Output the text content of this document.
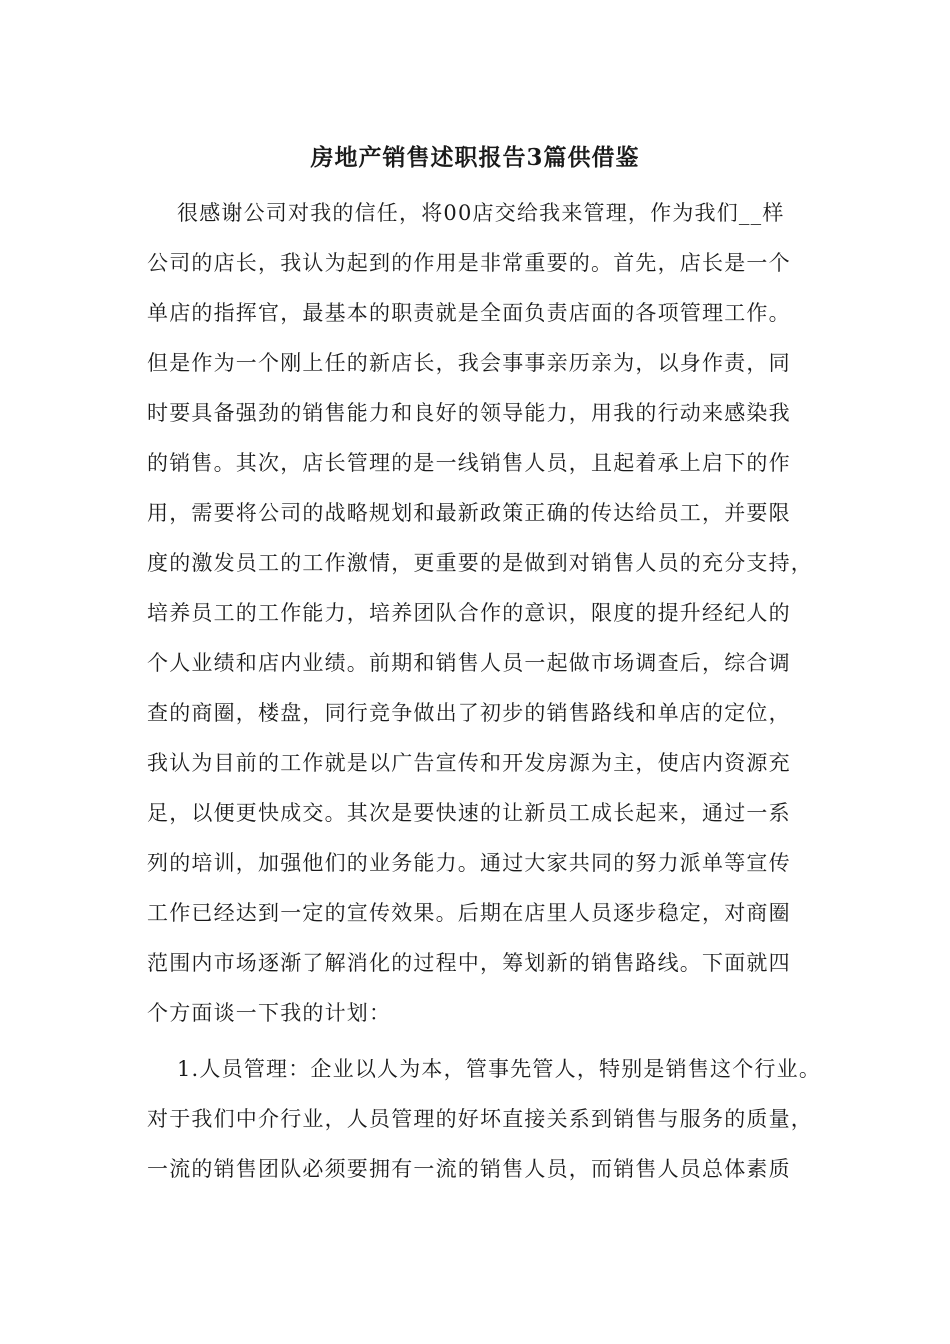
房地产销售述职报告3篇供借鉴
很感谢公司对我的信任，将00店交给我来管理，作为我们__样
公司的店长，我认为起到的作用是非常重要的。首先，店长是一个
单店的指挥官，最基本的职责就是全面负责店面的各项管理工作。
但是作为一个刚上任的新店长，我会事事亲历亲为，以身作责，同
时要具备强劲的销售能力和良好的领导能力，用我的行动来感染我
的销售。其次，店长管理的是一线销售人员，且起着承上启下的作
用，需要将公司的战略规划和最新政策正确的传达给员工，并要限
度的激发员工的工作激情，更重要的是做到对销售人员的充分支持，
培养员工的工作能力，培养团队合作的意识，限度的提升经纪人的
个人业绩和店内业绩。前期和销售人员一起做市场调查后，综合调
查的商圈，楼盘，同行竞争做出了初步的销售路线和单店的定位，
我认为目前的工作就是以广告宣传和开发房源为主，使店内资源充
足，以便更快成交。其次是要快速的让新员工成长起来，通过一系
列的培训，加强他们的业务能力。通过大家共同的努力派单等宣传
工作已经达到一定的宣传效果。后期在店里人员逐步稳定，对商圈
范围内市场逐渐了解消化的过程中，筹划新的销售路线。下面就四
个方面谈一下我的计划：
1.人员管理：企业以人为本，管事先管人，特别是销售这个行业。
对于我们中介行业，人员管理的好坏直接关系到销售与服务的质量，
一流的销售团队必须要拥有一流的销售人员，而销售人员总体素质
